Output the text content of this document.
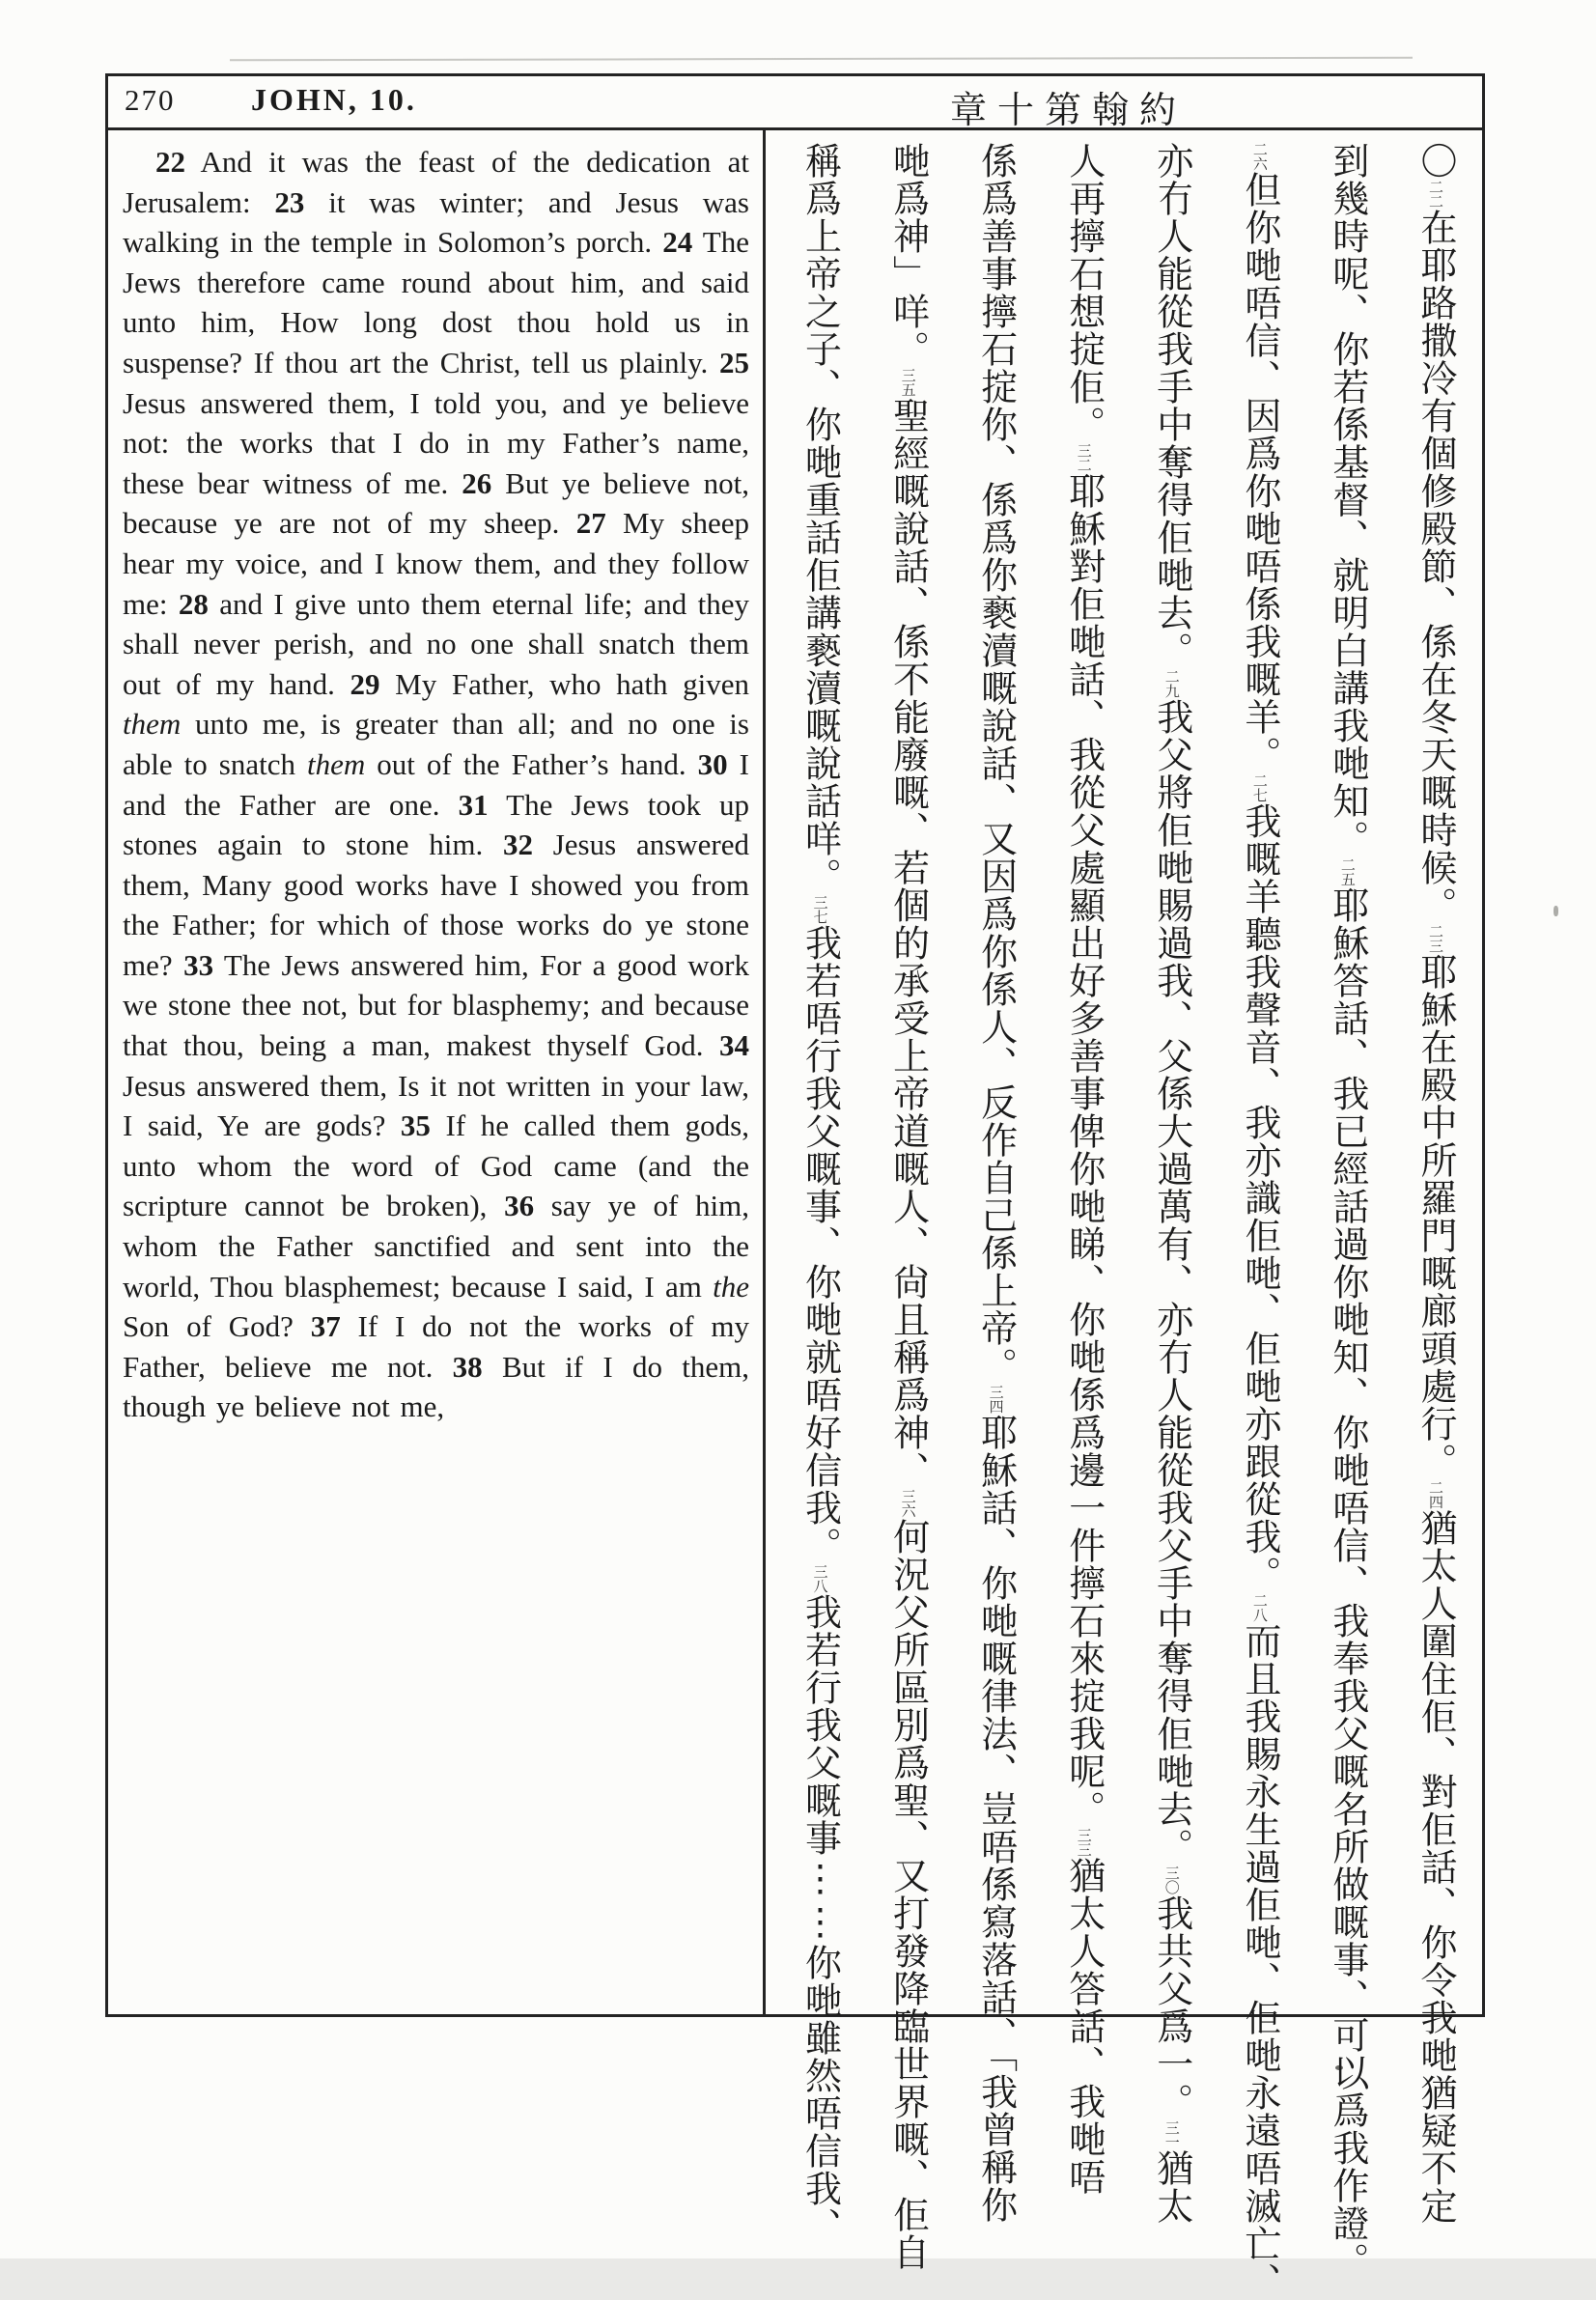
270 JOHN, 10.	章十第翰約

22 And it was the feast of the dedication at Jerusalem: 23 it was winter; and Jesus was walking in the temple in Solomon’s porch. 24 The Jews therefore came round about him, and said unto him, How long dost thou hold us in suspense? If thou art the Christ, tell us plainly. 25 Jesus answered them, I told you, and ye believe not: the works that I do in my Father’s name, these bear witness of me. 26 But ye believe not, because ye are not of my sheep. 27 My sheep hear my voice, and I know them, and they follow me: 28 and I give unto them eternal life; and they shall never perish, and no one shall snatch them out of my hand. 29 My Father, who hath given them unto me, is greater than all; and no one is able to snatch them out of the Father’s hand. 30 I and the Father are one. 31 The Jews took up stones again to stone him. 32 Jesus answered them, Many good works have I showed you from the Father; for which of those works do ye stone me? 33 The Jews answered him, For a good work we stone thee not, but for blasphemy; and because that thou, being a man, makest thyself God. 34 Jesus answered them, Is it not written in your law, I said, Ye are gods? 35 If he called them gods, unto whom the word of God came (and the scripture cannot be broken), 36 say ye of him, whom the Father sanctified and sent into the world, Thou blasphemest; because I said, I am the Son of God? 37 If I do not the works of my Father, believe me not. 38 But if I do them, though ye believe not me,

〇二二在耶路撒冷有個修殿節、係在冬天嘅時候。二三耶穌在殿中所羅門嘅廊頭處行。二四猶太人圍住佢、對佢話、你令我哋猶疑不定
到幾時呢、你若係基督、就明白講我哋知。二五耶穌答話、我已經話過你哋知、你哋唔信、我奉我父嘅名所做嘅事、可以爲我作證。
二六但你哋唔信、因爲你哋唔係我嘅羊。二七我嘅羊聽我聲音、我亦識佢哋、佢哋亦跟從我。二八而且我賜永生過佢哋、佢哋永遠唔滅亡、
亦冇人能從我手中奪得佢哋去。二九我父將佢哋賜過我、父係大過萬有、亦冇人能從我父手中奪得佢哋去。三〇我共父爲一。三一猶太
人再擰石想掟佢。三二耶穌對佢哋話、我從父處顯出好多善事俾你哋睇、你哋係爲邊一件擰石來掟我呢。三三猶太人答話、我哋唔
係爲善事擰石掟你、係爲你褻瀆嘅說話、又因爲你係人、反作自己係上帝。三四耶穌話、你哋嘅律法、豈唔係寫落話、「我曾稱你
哋爲神」咩。三五聖經嘅說話、係不能廢嘅、若個的承受上帝道嘅人、尙且稱爲神、三六何況父所區別爲聖、又打發降臨世界嘅、佢自
稱爲上帝之子、你哋重話佢講褻瀆嘅說話咩。三七我若唔行我父嘅事、你哋就唔好信我。三八我若行我父嘅事⋮⋮你哋雖然唔信我、
